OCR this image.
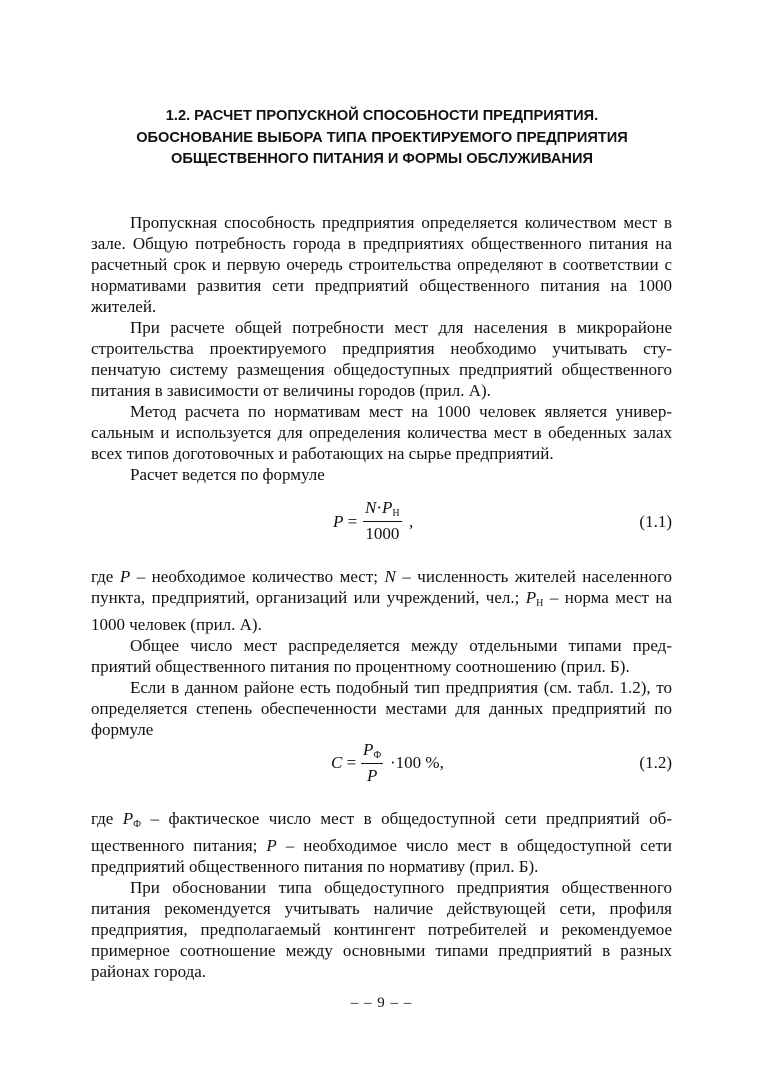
1.2. РАСЧЕТ ПРОПУСКНОЙ СПОСОБНОСТИ ПРЕДПРИЯТИЯ.
ОБОСНОВАНИЕ ВЫБОРА ТИПА ПРОЕКТИРУЕМОГО ПРЕДПРИЯТИЯ
ОБЩЕСТВЕННОГО ПИТАНИЯ И ФОРМЫ ОБСЛУЖИВАНИЯ

Пропускная способность предприятия определяется количеством мест в зале. Общую потребность города в предприятиях общественного питания на расчетный срок и первую очередь строительства определяют в соответствии с нормативами развития сети предприятий общественного питания на 1000 жителей.

При расчете общей потребности мест для населения в микрорайоне строительства проектируемого предприятия необходимо учитывать ступенчатую систему размещения общедоступных предприятий общественного питания в зависимости от величины городов (прил. А).

Метод расчета по нормативам мест на 1000 человек является универсальным и используется для определения количества мест в обеденных залах всех типов доготовочных и работающих на сырье предприятий.

Расчет ведется по формуле

P =
$N\cdot P_Н$
1000
,	(1.1)

где P – необходимое количество мест; N – численность жителей населенного пункта, предприятий, организаций или учреждений, чел.; $P_Н$ – норма мест на 1000 человек (прил. А).

Общее число мест распределяется между отдельными типами предприятий общественного питания по процентному соотношению (прил. Б).

Если в данном районе есть подобный тип предприятия (см. табл. 1.2), то определяется степень обеспеченности местами для данных предприятий по формуле

C =
$P_Ф$
P
·100 %,	(1.2)

где $P_Ф$ – фактическое число мест в общедоступной сети предприятий общественного питания; P – необходимое число мест в общедоступной сети предприятий общественного питания по нормативу (прил. Б).

При обосновании типа общедоступного предприятия общественного питания рекомендуется учитывать наличие действующей сети, профиля предприятия, предполагаемый контингент потребителей и рекомендуемое примерное соотношение между основными типами предприятий в разных районах города.

– – 9 – –
